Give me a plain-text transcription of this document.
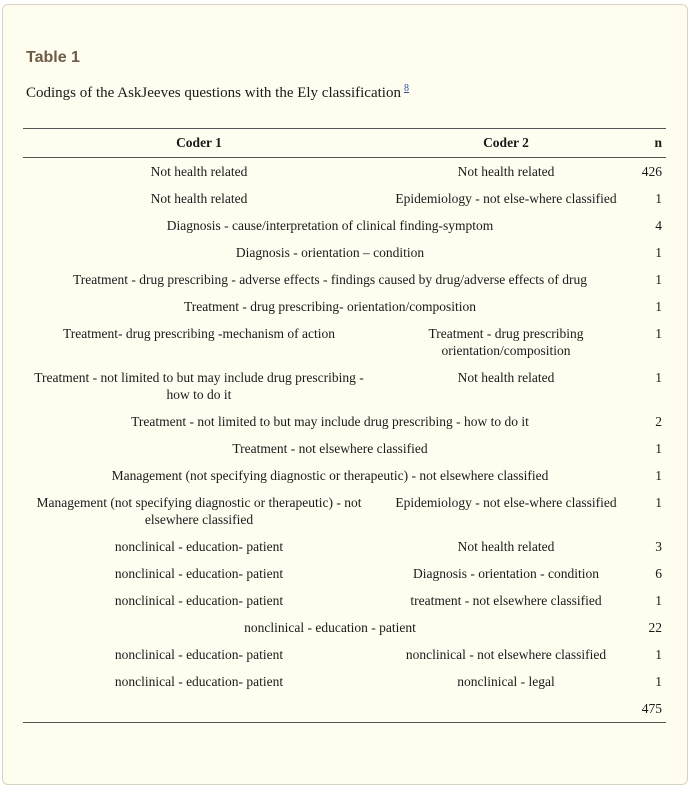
Table 1
Codings of the AskJeeves questions with the Ely classification $^8$
Coder 1	Coder 2	n
Not health related	Not health related	426
Not health related	Epidemiology - not else-where classified	1
Diagnosis - cause/interpretation of clinical finding-symptom		4
Diagnosis - orientation – condition		1
Treatment - drug prescribing - adverse effects - findings caused by drug/adverse effects of drug		1
Treatment - drug prescribing- orientation/composition		1
Treatment- drug prescribing -mechanism of action	Treatment - drug prescribing orientation/composition	1
Treatment - not limited to but may include drug prescribing - how to do it	Not health related	1
Treatment - not limited to but may include drug prescribing - how to do it		2
Treatment - not elsewhere classified		1
Management (not specifying diagnostic or therapeutic) - not elsewhere classified		1
Management (not specifying diagnostic or therapeutic) - not elsewhere classified	Epidemiology - not else-where classified	1
nonclinical - education- patient	Not health related	3
nonclinical - education- patient	Diagnosis - orientation - condition	6
nonclinical - education- patient	treatment - not elsewhere classified	1
nonclinical - education - patient		22
nonclinical - education- patient	nonclinical - not elsewhere classified	1
nonclinical - education- patient	nonclinical - legal	1
		475
